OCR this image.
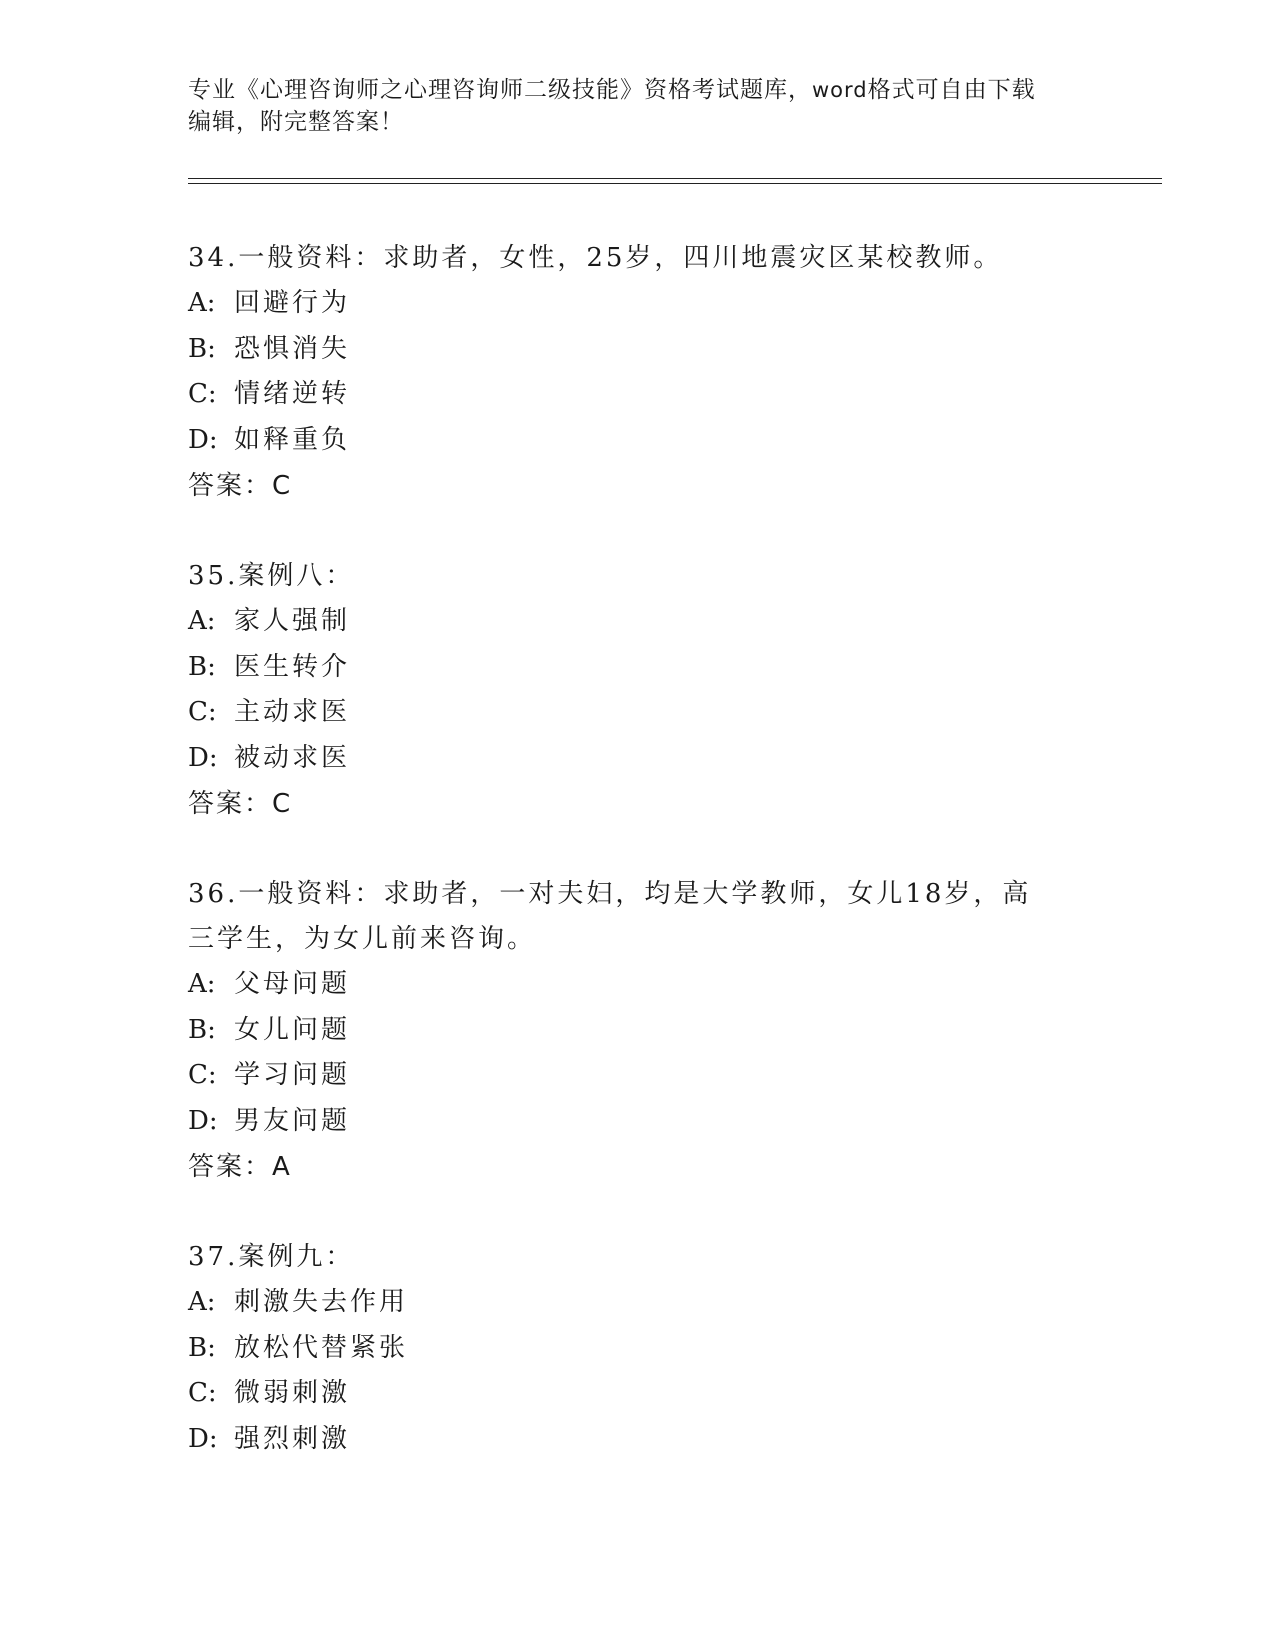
专业《心理咨询师之心理咨询师二级技能》资格考试题库，word格式可自由下载
编辑，附完整答案！

34.一般资料：求助者，女性，25岁，四川地震灾区某校教师。

A: 回避行为

B: 恐惧消失

C: 情绪逆转

D: 如释重负

答案：C

35.案例八：

A: 家人强制

B: 医生转介

C: 主动求医

D: 被动求医

答案：C

36.一般资料：求助者，一对夫妇，均是大学教师，女儿18岁，高三学生，为女儿前来咨询。

A: 父母问题

B: 女儿问题

C: 学习问题

D: 男友问题

答案：A

37.案例九：

A: 刺激失去作用

B: 放松代替紧张

C: 微弱刺激

D: 强烈刺激
